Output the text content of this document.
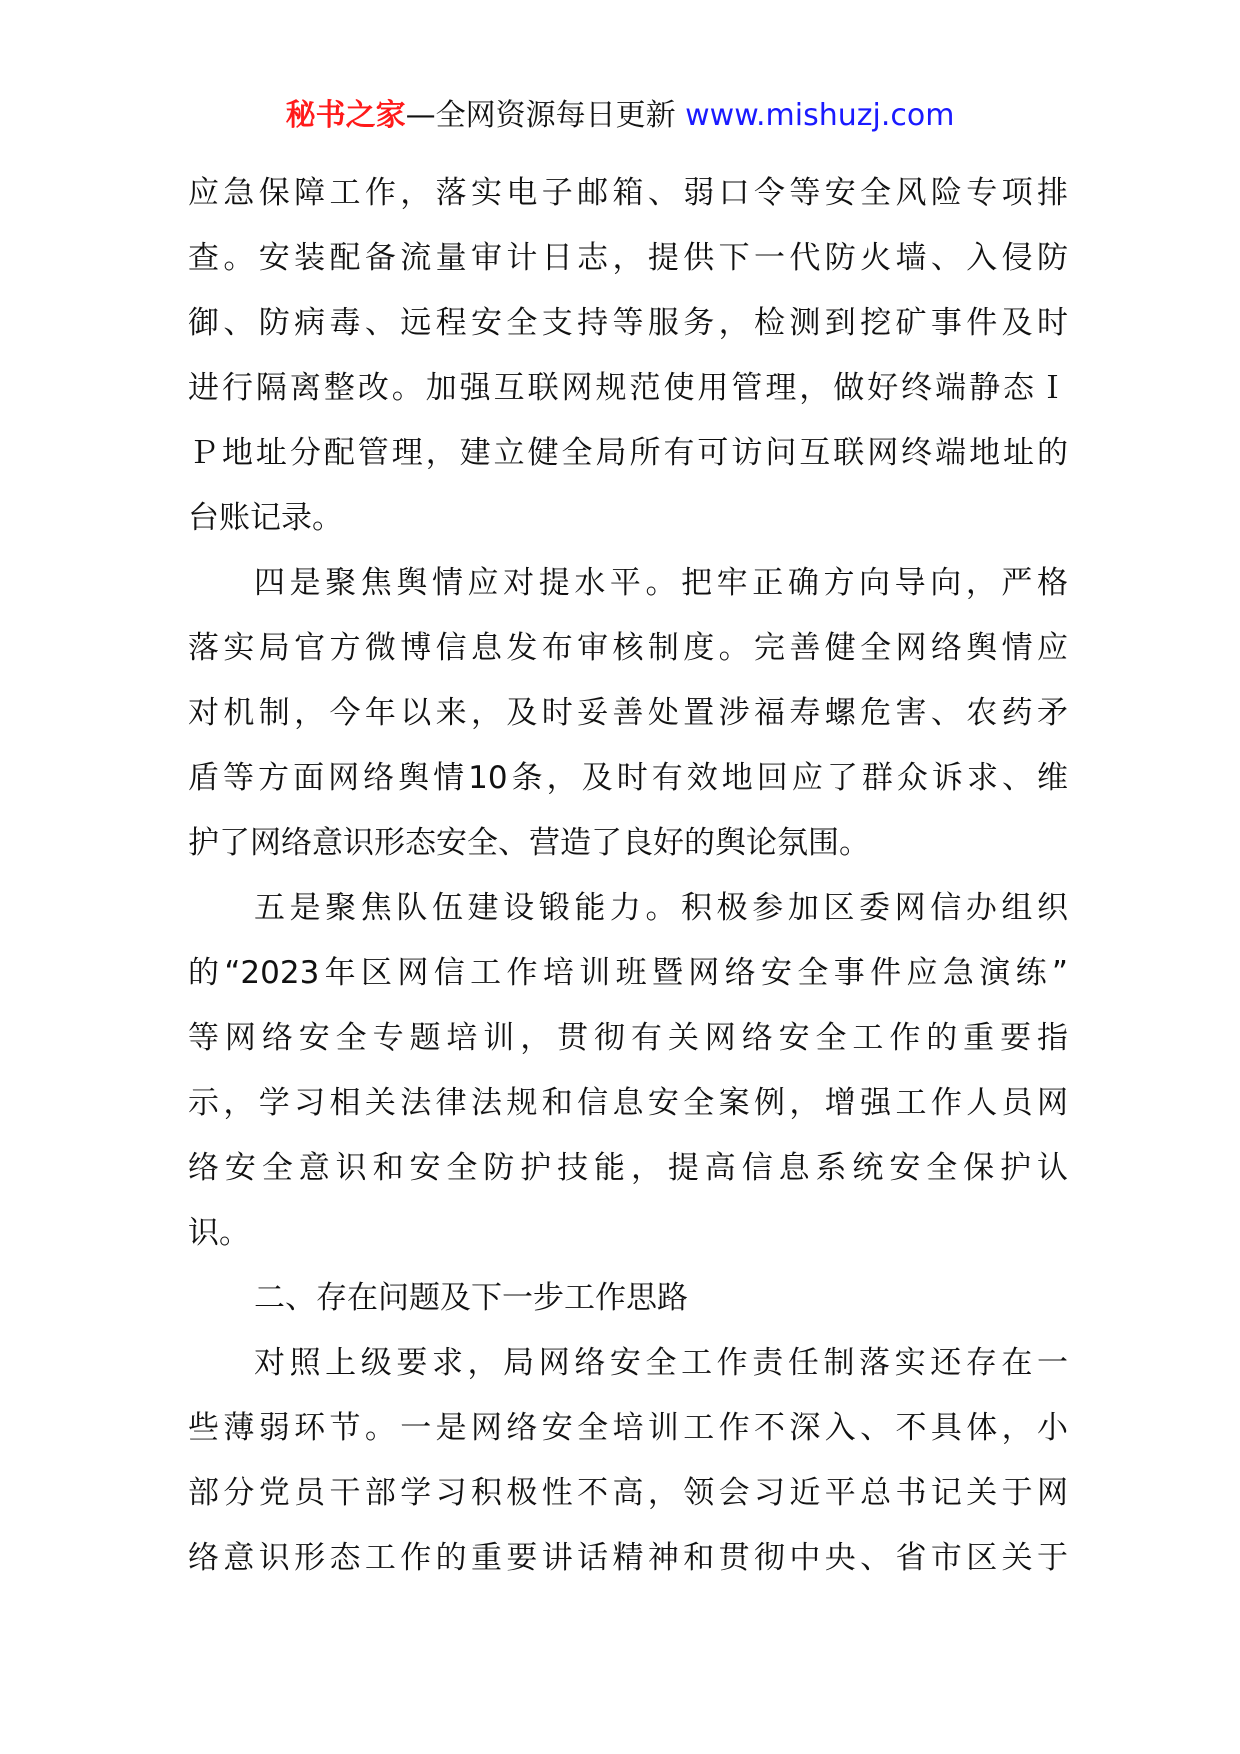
秘书之家—全网资源每日更新 www.mishuzj.com
应急保障工作，落实电子邮箱、弱口令等安全风险专项排
查。安装配备流量审计日志，提供下一代防火墙、入侵防
御、防病毒、远程安全支持等服务，检测到挖矿事件及时
进行隔离整改。加强互联网规范使用管理，做好终端静态Ｉ
Ｐ地址分配管理，建立健全局所有可访问互联网终端地址的
台账记录。
四是聚焦舆情应对提水平。把牢正确方向导向，严格
落实局官方微博信息发布审核制度。完善健全网络舆情应
对机制，今年以来，及时妥善处置涉福寿螺危害、农药矛
盾等方面网络舆情10条，及时有效地回应了群众诉求、维
护了网络意识形态安全、营造了良好的舆论氛围。
五是聚焦队伍建设锻能力。积极参加区委网信办组织
的“2023年区网信工作培训班暨网络安全事件应急演练”
等网络安全专题培训，贯彻有关网络安全工作的重要指
示，学习相关法律法规和信息安全案例，增强工作人员网
络安全意识和安全防护技能，提高信息系统安全保护认
识。
二、存在问题及下一步工作思路
对照上级要求，局网络安全工作责任制落实还存在一
些薄弱环节。一是网络安全培训工作不深入、不具体，小
部分党员干部学习积极性不高，领会习近平总书记关于网
络意识形态工作的重要讲话精神和贯彻中央、省市区关于
